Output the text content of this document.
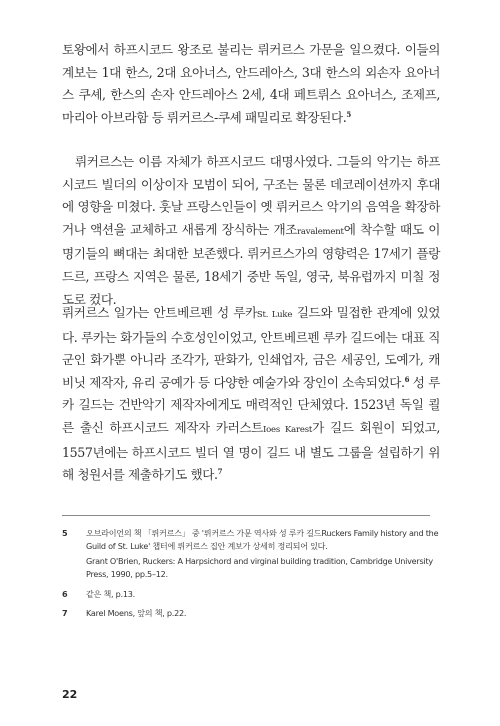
토왕에서 하프시코드 왕조로 불리는 뤼커르스 가문을 일으켰다. 이들의 계보는 1대 한스, 2대 요아너스, 안드레아스, 3대 한스의 외손자 요아너스 쿠셰, 한스의 손자 안드레아스 2세, 4대 페트뤼스 요아너스, 조제프, 마리아 아브라함 등 뤼커르스-쿠셰 패밀리로 확장된다.$^5$

뤼커르스는 이름 자체가 하프시코드 대명사였다. 그들의 악기는 하프시코드 빌더의 이상이자 모범이 되어, 구조는 물론 데코레이션까지 후대에 영향을 미쳤다. 훗날 프랑스인들이 옛 뤼커르스 악기의 음역을 확장하거나 액션을 교체하고 새롭게 장식하는 개조ravalement에 착수할 때도 이 명기들의 뼈대는 최대한 보존했다. 뤼커르스가의 영향력은 17세기 플랑드르, 프랑스 지역은 물론, 18세기 중반 독일, 영국, 북유럽까지 미칠 정도로 컸다.

뤼커르스 일가는 안트베르펜 성 루카St. Luke 길드와 밀접한 관계에 있었다. 루카는 화가들의 수호성인이었고, 안트베르펜 루카 길드에는 대표 직군인 화가뿐 아니라 조각가, 판화가, 인쇄업자, 금은 세공인, 도예가, 캐비닛 제작자, 유리 공예가 등 다양한 예술가와 장인이 소속되었다.$^6$ 성 루카 길드는 건반악기 제작자에게도 매력적인 단체였다. 1523년 독일 쾰른 출신 하프시코드 제작자 카러스트Ioes Karest가 길드 회원이 되었고, 1557년에는 하프시코드 빌더 열 명이 길드 내 별도 그룹을 설립하기 위해 청원서를 제출하기도 했다.$^7$

5 오브라이언의 책 「뤼커르스」 중 '뤼커르스 가문 역사와 성 루카 길드Ruckers Family history and the Guild of St. Luke' 챕터에 뤼커르스 집안 계보가 상세히 정리되어 있다.
Grant O'Brien, Ruckers: A Harpsichord and virginal building tradition, Cambridge University Press, 1990, pp.5–12.
6 같은 책, p.13.
7 Karel Moens, 앞의 책, p.22.
22
